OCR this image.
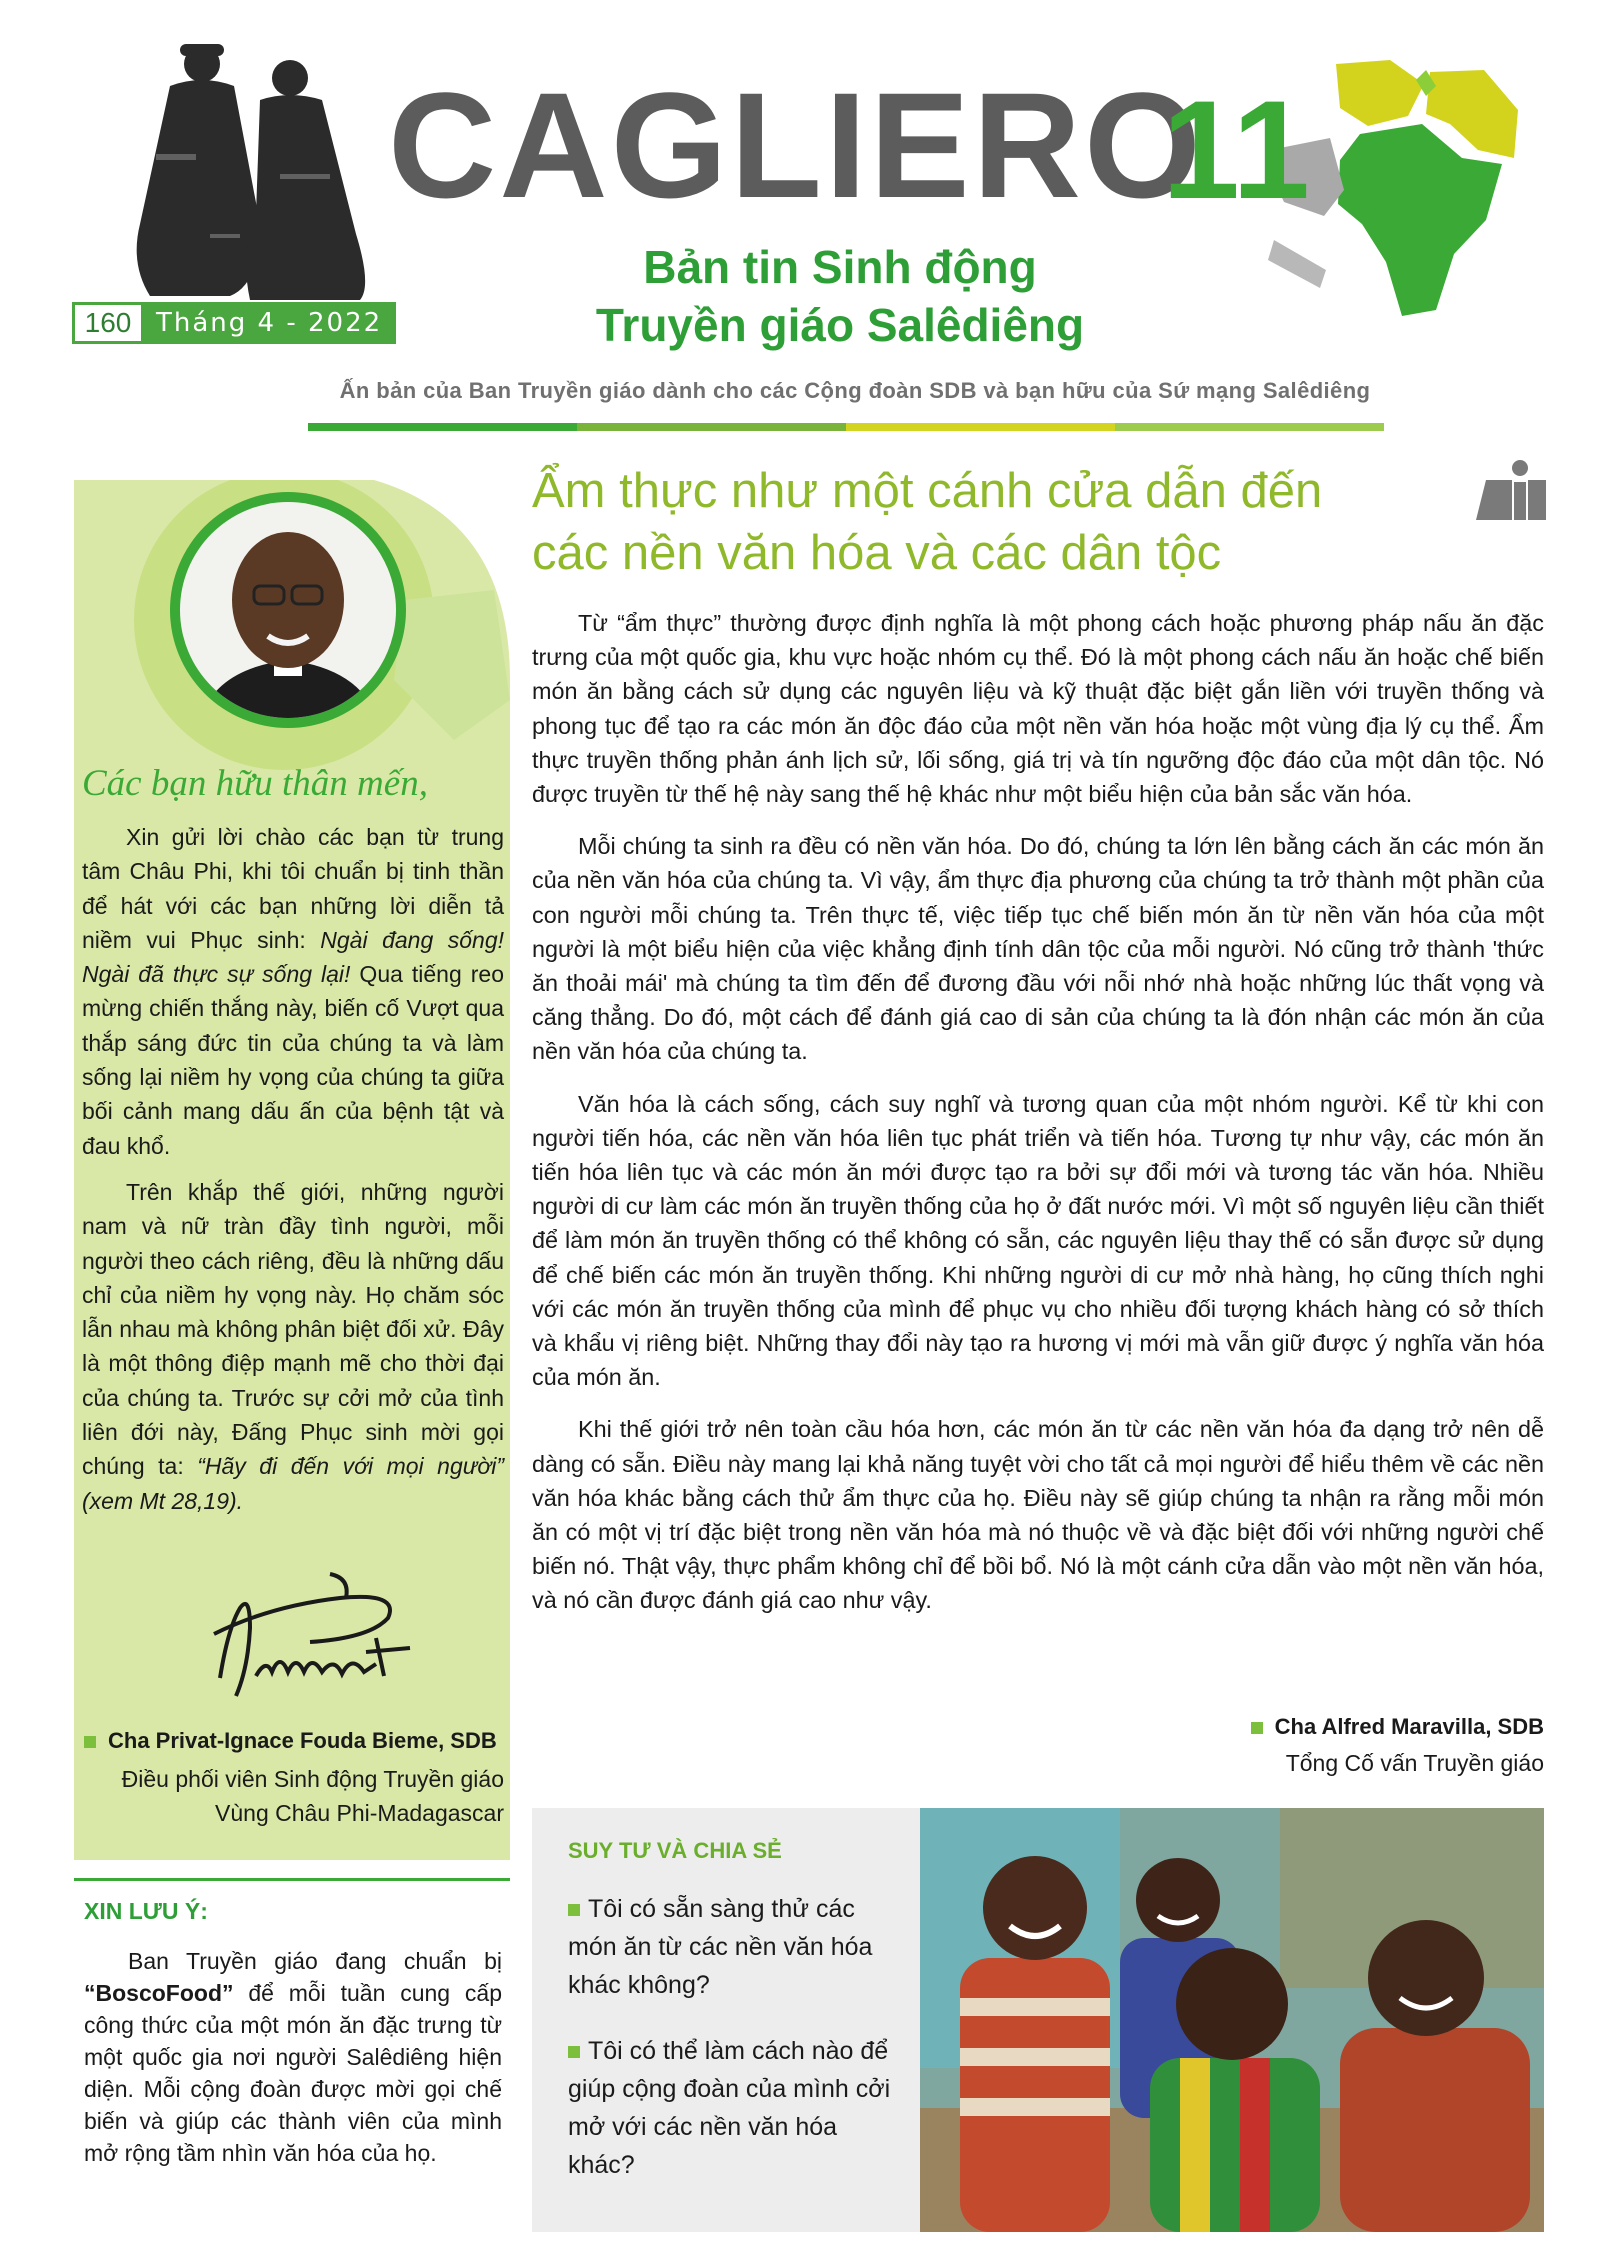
CAGLIERO
11
Bản tin Sinh động
Truyền giáo Salêdiêng
160 Tháng 4 - 2022
Ấn bản của Ban Truyền giáo dành cho các Cộng đoàn SDB và bạn hữu của Sứ mạng Salêdiêng
Các bạn hữu thân mến,

Xin gửi lời chào các bạn từ trung tâm Châu Phi, khi tôi chuẩn bị tinh thần để hát với các bạn những lời diễn tả niềm vui Phục sinh: Ngài đang sống! Ngài đã thực sự sống lại! Qua tiếng reo mừng chiến thắng này, biến cố Vượt qua thắp sáng đức tin của chúng ta và làm sống lại niềm hy vọng của chúng ta giữa bối cảnh mang dấu ấn của bệnh tật và đau khổ.

Trên khắp thế giới, những người nam và nữ tràn đầy tình người, mỗi người theo cách riêng, đều là những dấu chỉ của niềm hy vọng này. Họ chăm sóc lẫn nhau mà không phân biệt đối xử. Đây là một thông điệp mạnh mẽ cho thời đại của chúng ta. Trước sự cởi mở của tình liên đới này, Đấng Phục sinh mời gọi chúng ta: “Hãy đi đến với mọi người” (xem Mt 28,19).

Cha Privat-Ignace Fouda Bieme, SDB
Điều phối viên Sinh động Truyền giáo
Vùng Châu Phi-Madagascar
XIN LƯU Ý:

Ban Truyền giáo đang chuẩn bị “BoscoFood” để mỗi tuần cung cấp công thức của một món ăn đặc trưng từ một quốc gia nơi người Salêdiêng hiện diện. Mỗi cộng đoàn được mời gọi chế biến và giúp các thành viên của mình mở rộng tầm nhìn văn hóa của họ.

Ẩm thực như một cánh cửa dẫn đến
các nền văn hóa và các dân tộc

Từ “ẩm thực” thường được định nghĩa là một phong cách hoặc phương pháp nấu ăn đặc trưng của một quốc gia, khu vực hoặc nhóm cụ thể. Đó là một phong cách nấu ăn hoặc chế biến món ăn bằng cách sử dụng các nguyên liệu và kỹ thuật đặc biệt gắn liền với truyền thống và phong tục để tạo ra các món ăn độc đáo của một nền văn hóa hoặc một vùng địa lý cụ thể. Ẩm thực truyền thống phản ánh lịch sử, lối sống, giá trị và tín ngưỡng độc đáo của một dân tộc. Nó được truyền từ thế hệ này sang thế hệ khác như một biểu hiện của bản sắc văn hóa.

Mỗi chúng ta sinh ra đều có nền văn hóa. Do đó, chúng ta lớn lên bằng cách ăn các món ăn của nền văn hóa của chúng ta. Vì vậy, ẩm thực địa phương của chúng ta trở thành một phần của con người mỗi chúng ta. Trên thực tế, việc tiếp tục chế biến món ăn từ nền văn hóa của một người là một biểu hiện của việc khẳng định tính dân tộc của mỗi người. Nó cũng trở thành 'thức ăn thoải mái' mà chúng ta tìm đến để đương đầu với nỗi nhớ nhà hoặc những lúc thất vọng và căng thẳng. Do đó, một cách để đánh giá cao di sản của chúng ta là đón nhận các món ăn của nền văn hóa của chúng ta.

Văn hóa là cách sống, cách suy nghĩ và tương quan của một nhóm người. Kể từ khi con người tiến hóa, các nền văn hóa liên tục phát triển và tiến hóa. Tương tự như vậy, các món ăn tiến hóa liên tục và các món ăn mới được tạo ra bởi sự đổi mới và tương tác văn hóa. Nhiều người di cư làm các món ăn truyền thống của họ ở đất nước mới. Vì một số nguyên liệu cần thiết để làm món ăn truyền thống có thể không có sẵn, các nguyên liệu thay thế có sẵn được sử dụng để chế biến các món ăn truyền thống. Khi những người di cư mở nhà hàng, họ cũng thích nghi với các món ăn truyền thống của mình để phục vụ cho nhiều đối tượng khách hàng có sở thích và khẩu vị riêng biệt. Những thay đổi này tạo ra hương vị mới mà vẫn giữ được ý nghĩa văn hóa của món ăn.

Khi thế giới trở nên toàn cầu hóa hơn, các món ăn từ các nền văn hóa đa dạng trở nên dễ dàng có sẵn. Điều này mang lại khả năng tuyệt vời cho tất cả mọi người để hiểu thêm về các nền văn hóa khác bằng cách thử ẩm thực của họ. Điều này sẽ giúp chúng ta nhận ra rằng mỗi món ăn có một vị trí đặc biệt trong nền văn hóa mà nó thuộc về và đặc biệt đối với những người chế biến nó. Thật vậy, thực phẩm không chỉ để bồi bổ. Nó là một cánh cửa dẫn vào một nền văn hóa, và nó cần được đánh giá cao như vậy.

Cha Alfred Maravilla, SDB
Tổng Cố vấn Truyền giáo
SUY TƯ VÀ CHIA SẺ
Tôi có sẵn sàng thử các món ăn từ các nền văn hóa khác không?
Tôi có thể làm cách nào để giúp cộng đoàn của mình cởi mở với các nền văn hóa khác?
